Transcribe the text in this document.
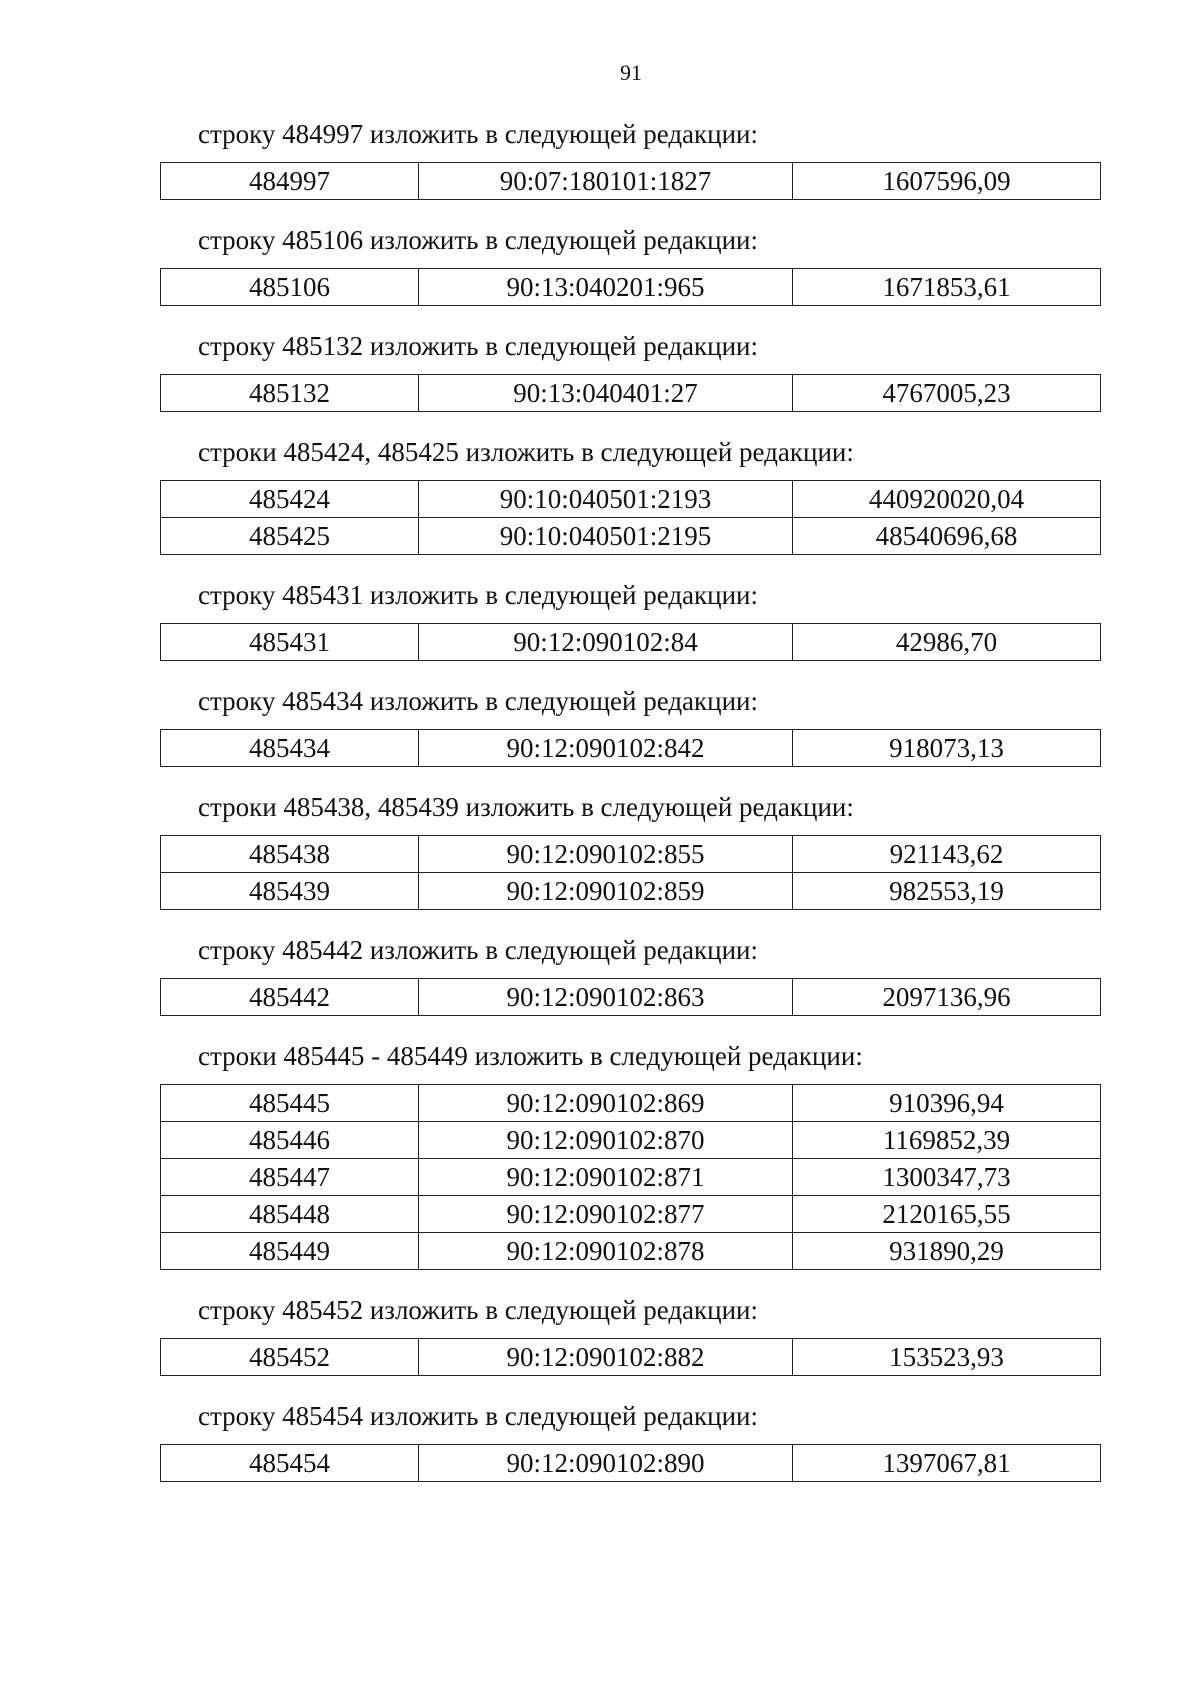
91
строку 484997 изложить в следующей редакции:
484997	90:07:180101:1827	1607596,09
строку 485106 изложить в следующей редакции:
485106	90:13:040201:965	1671853,61
строку 485132 изложить в следующей редакции:
485132	90:13:040401:27	4767005,23
строки 485424, 485425 изложить в следующей редакции:
485424	90:10:040501:2193	440920020,04
485425	90:10:040501:2195	48540696,68
строку 485431 изложить в следующей редакции:
485431	90:12:090102:84	42986,70
строку 485434 изложить в следующей редакции:
485434	90:12:090102:842	918073,13
строки 485438, 485439 изложить в следующей редакции:
485438	90:12:090102:855	921143,62
485439	90:12:090102:859	982553,19
строку 485442 изложить в следующей редакции:
485442	90:12:090102:863	2097136,96
строки 485445 - 485449 изложить в следующей редакции:
485445	90:12:090102:869	910396,94
485446	90:12:090102:870	1169852,39
485447	90:12:090102:871	1300347,73
485448	90:12:090102:877	2120165,55
485449	90:12:090102:878	931890,29
строку 485452 изложить в следующей редакции:
485452	90:12:090102:882	153523,93
строку 485454 изложить в следующей редакции:
485454	90:12:090102:890	1397067,81
